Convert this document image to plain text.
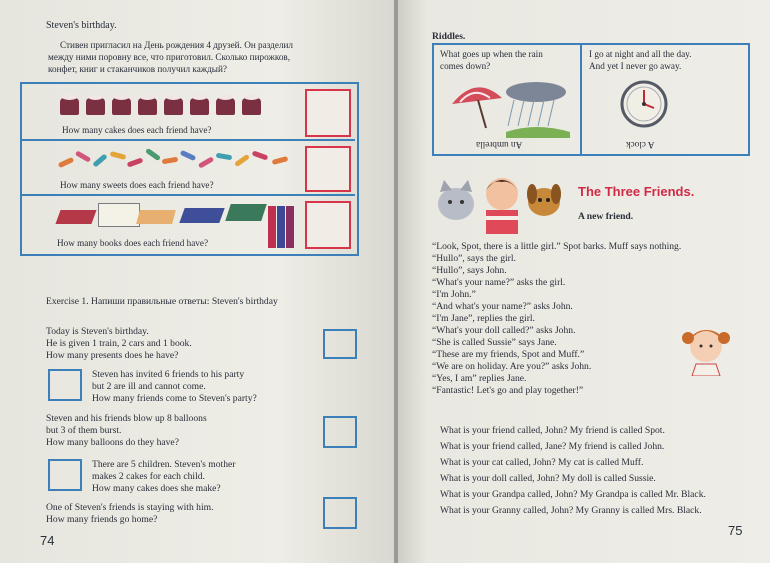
Steven's birthday.
Стивен пригласил на День рождения 4 друзей. Он разделил
между ними поровну все, что приготовил. Сколько пирожков,
конфет, книг и стаканчиков получил каждый?
How many cakes does each friend have?
How many sweets does each friend have?
How many books does each friend have?
Exercise 1. Напиши правильные ответы: Steven's birthday
Today is Steven's birthday.
He is given 1 train, 2 cars and 1 book.
How many presents does he have?
Steven has invited 6 friends to his party
but 2 are ill and cannot come.
How many friends come to Steven's party?
Steven and his friends blow up 8 balloons
but 3 of them burst.
How many balloons do they have?
There are 5 children. Steven's mother
makes 2 cakes for each child.
How many cakes does she make?
One of Steven's friends is staying with him.
How many friends go home?
74
Riddles.
What goes up when the rain
comes down?
I go at night and all the day.
And yet I never go away.
An umbrella	A clock
The Three Friends.
A new friend.
“Look, Spot, there is a little girl.” Spot barks. Muff says nothing.
“Hullo”, says the girl.
“Hullo”, says John.
“What's your name?” asks the girl.
“I'm John.”
“And what's your name?” asks John.
“I'm Jane”, replies the girl.
“What's your doll called?” asks John.
“She is called Sussie” says Jane.
“These are my friends, Spot and Muff.”
“We are on holiday. Are you?” asks John.
“Yes, I am” replies Jane.
“Fantastic! Let's go and play together!”
What is your friend called, John? My friend is called Spot.
What is your friend called, Jane? My friend is called John.
What is your cat called, John? My cat is called Muff.
What is your doll called, John? My doll is called Sussie.
What is your Grandpa called, John? My Grandpa is called Mr. Black.
What is your Granny called, John? My Granny is called Mrs. Black.
75
